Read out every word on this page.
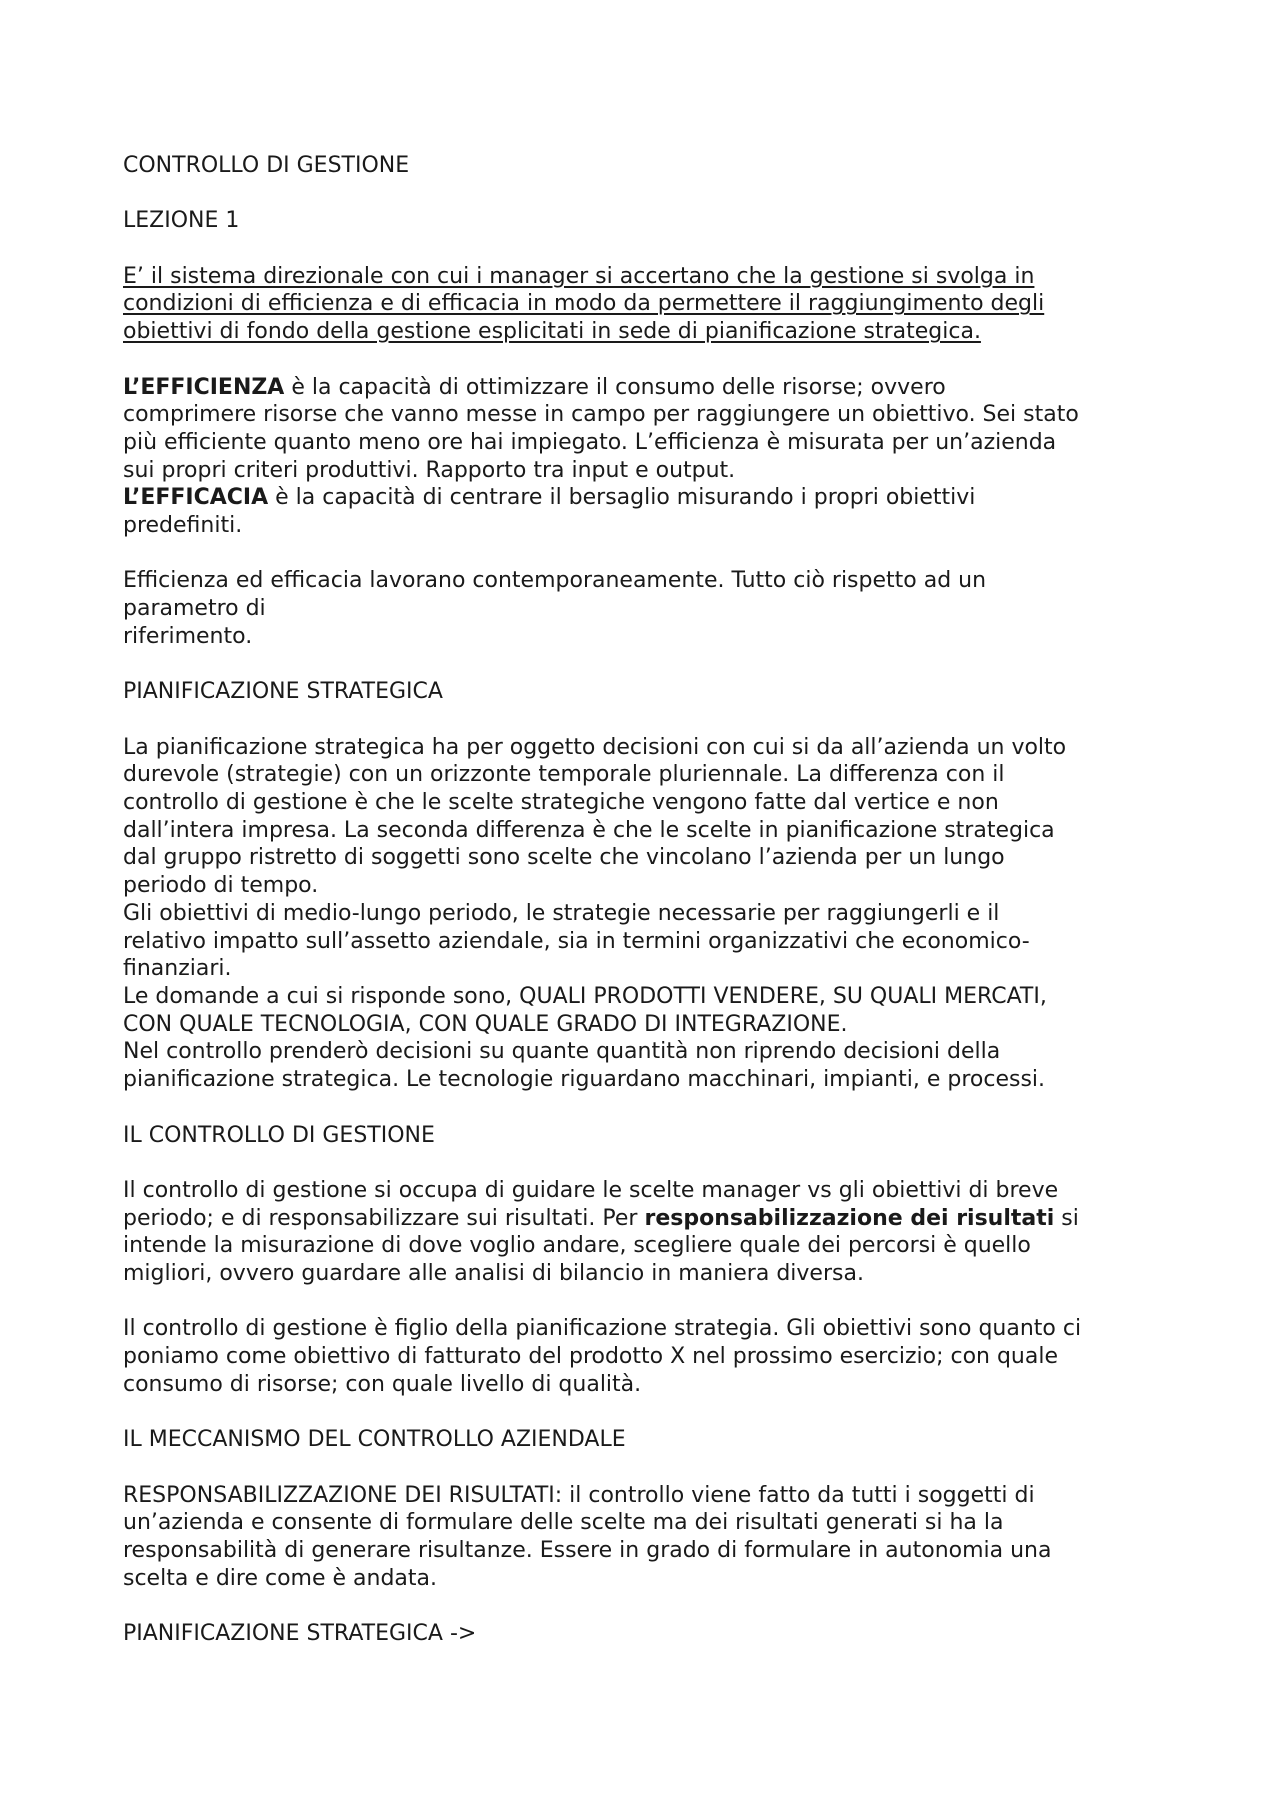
CONTROLLO DI GESTIONE

LEZIONE 1

E’ il sistema direzionale con cui i manager si accertano che la gestione si svolga in

condizioni di efficienza e di efficacia in modo da permettere il raggiungimento degli

obiettivi di fondo della gestione esplicitati in sede di pianificazione strategica.

L’EFFICIENZA è la capacità di ottimizzare il consumo delle risorse; ovvero

comprimere risorse che vanno messe in campo per raggiungere un obiettivo. Sei stato

più efficiente quanto meno ore hai impiegato. L’efficienza è misurata per un’azienda

sui propri criteri produttivi. Rapporto tra input e output.

L’EFFICACIA è la capacità di centrare il bersaglio misurando i propri obiettivi

predefiniti.

Efficienza ed efficacia lavorano contemporaneamente. Tutto ciò rispetto ad un

parametro di

riferimento.

PIANIFICAZIONE STRATEGICA

La pianificazione strategica ha per oggetto decisioni con cui si da all’azienda un volto

durevole (strategie) con un orizzonte temporale pluriennale. La differenza con il

controllo di gestione è che le scelte strategiche vengono fatte dal vertice e non

dall’intera impresa. La seconda differenza è che le scelte in pianificazione strategica

dal gruppo ristretto di soggetti sono scelte che vincolano l’azienda per un lungo

periodo di tempo.

Gli obiettivi di medio-lungo periodo, le strategie necessarie per raggiungerli e il

relativo impatto sull’assetto aziendale, sia in termini organizzativi che economico-

finanziari.

Le domande a cui si risponde sono, QUALI PRODOTTI VENDERE, SU QUALI MERCATI,

CON QUALE TECNOLOGIA, CON QUALE GRADO DI INTEGRAZIONE.

Nel controllo prenderò decisioni su quante quantità non riprendo decisioni della

pianificazione strategica. Le tecnologie riguardano macchinari, impianti, e processi.

IL CONTROLLO DI GESTIONE

Il controllo di gestione si occupa di guidare le scelte manager vs gli obiettivi di breve

periodo; e di responsabilizzare sui risultati. Per responsabilizzazione dei risultati si

intende la misurazione di dove voglio andare, scegliere quale dei percorsi è quello

migliori, ovvero guardare alle analisi di bilancio in maniera diversa.

Il controllo di gestione è figlio della pianificazione strategia. Gli obiettivi sono quanto ci

poniamo come obiettivo di fatturato del prodotto X nel prossimo esercizio; con quale

consumo di risorse; con quale livello di qualità.

IL MECCANISMO DEL CONTROLLO AZIENDALE

RESPONSABILIZZAZIONE DEI RISULTATI: il controllo viene fatto da tutti i soggetti di

un’azienda e consente di formulare delle scelte ma dei risultati generati si ha la

responsabilità di generare risultanze. Essere in grado di formulare in autonomia una

scelta e dire come è andata.

PIANIFICAZIONE STRATEGICA ->
